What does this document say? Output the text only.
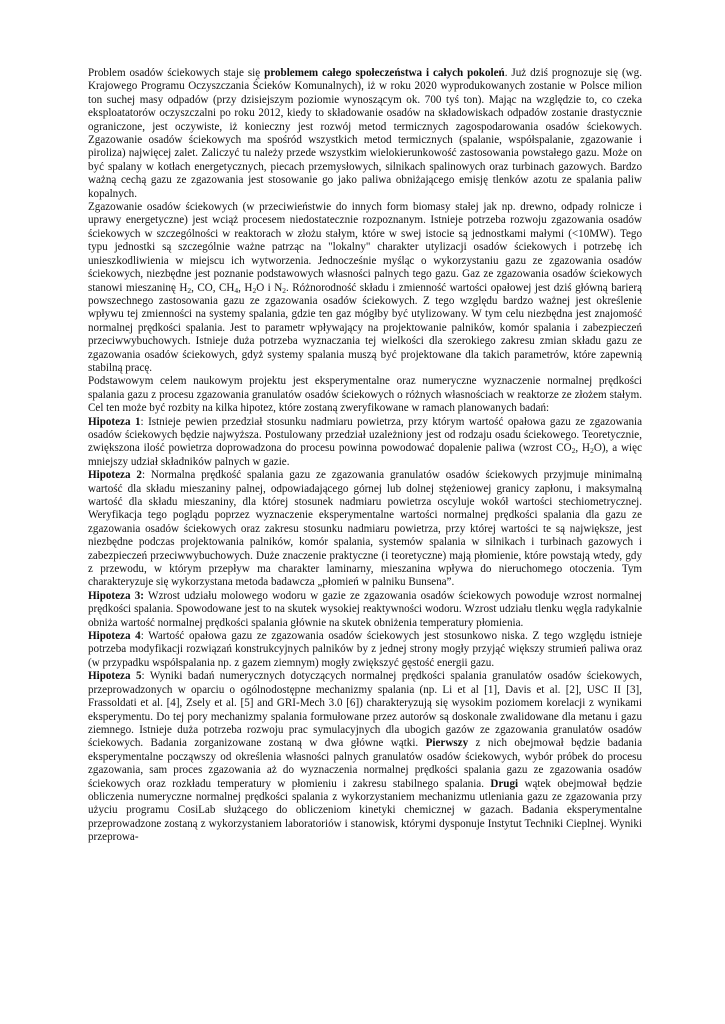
Problem osadów ściekowych staje się problemem całego społeczeństwa i całych pokoleń. Już dziś prognozuje się (wg. Krajowego Programu Oczyszczania Ścieków Komunalnych), iż w roku 2020 wyprodukowanych zostanie w Polsce milion ton suchej masy odpadów (przy dzisiejszym poziomie wynoszącym ok. 700 tyś ton). Mając na względzie to, co czeka eksploatatorów oczyszczalni po roku 2012, kiedy to składowanie osadów na składowiskach odpadów zostanie drastycznie ograniczone, jest oczywiste, iż konieczny jest rozwój metod termicznych zagospodarowania osadów ściekowych. Zgazowanie osadów ściekowych ma spośród wszystkich metod termicznych (spalanie, współspalanie, zgazowanie i piroliza) najwięcej zalet. Zaliczyć tu należy przede wszystkim wielokierunkowość zastosowania powstałego gazu. Może on być spalany w kotłach energetycznych, piecach przemysłowych, silnikach spalinowych oraz turbinach gazowych. Bardzo ważną cechą gazu ze zgazowania jest stosowanie go jako paliwa obniżającego emisję tlenków azotu ze spalania paliw kopalnych.

Zgazowanie osadów ściekowych (w przeciwieństwie do innych form biomasy stałej jak np. drewno, odpady rolnicze i uprawy energetyczne) jest wciąż procesem niedostatecznie rozpoznanym. Istnieje potrzeba rozwoju zgazowania osadów ściekowych w szczególności w reaktorach w złożu stałym, które w swej istocie są jednostkami małymi (<10MW). Tego typu jednostki są szczególnie ważne patrząc na "lokalny" charakter utylizacji osadów ściekowych i potrzebę ich unieszkodliwienia w miejscu ich wytworzenia. Jednocześnie myśląc o wykorzystaniu gazu ze zgazowania osadów ściekowych, niezbędne jest poznanie podstawowych własności palnych tego gazu. Gaz ze zgazowania osadów ściekowych stanowi mieszaninę $H_2$, CO, $CH_4$, $H_2O$ i $N_2$. Różnorodność składu i zmienność wartości opałowej jest dziś główną barierą powszechnego zastosowania gazu ze zgazowania osadów ściekowych. Z tego względu bardzo ważnej jest określenie wpływu tej zmienności na systemy spalania, gdzie ten gaz mógłby być utylizowany. W tym celu niezbędna jest znajomość normalnej prędkości spalania. Jest to parametr wpływający na projektowanie palników, komór spalania i zabezpieczeń przeciwwybuchowych. Istnieje duża potrzeba wyznaczania tej wielkości dla szerokiego zakresu zmian składu gazu ze zgazowania osadów ściekowych, gdyż systemy spalania muszą być projektowane dla takich parametrów, które zapewnią stabilną pracę.

Podstawowym celem naukowym projektu jest eksperymentalne oraz numeryczne wyznaczenie normalnej prędkości spalania gazu z procesu zgazowania granulatów osadów ściekowych o różnych własnościach w reaktorze ze złożem stałym. Cel ten może być rozbity na kilka hipotez, które zostaną zweryfikowane w ramach planowanych badań:

Hipoteza 1: Istnieje pewien przedział stosunku nadmiaru powietrza, przy którym wartość opałowa gazu ze zgazowania osadów ściekowych będzie najwyższa. Postulowany przedział uzależniony jest od rodzaju osadu ściekowego. Teoretycznie, zwiększona ilość powietrza doprowadzona do procesu powinna powodować dopalenie paliwa (wzrost $CO_2$, $H_2O$), a więc mniejszy udział składników palnych w gazie.

Hipoteza 2: Normalna prędkość spalania gazu ze zgazowania granulatów osadów ściekowych przyjmuje minimalną wartość dla składu mieszaniny palnej, odpowiadającego górnej lub dolnej stężeniowej granicy zapłonu, i maksymalną wartość dla składu mieszaniny, dla której stosunek nadmiaru powietrza oscyluje wokół wartości stechiometrycznej. Weryfikacja tego poglądu poprzez wyznaczenie eksperymentalne wartości normalnej prędkości spalania dla gazu ze zgazowania osadów ściekowych oraz zakresu stosunku nadmiaru powietrza, przy której wartości te są największe, jest niezbędne podczas projektowania palników, komór spalania, systemów spalania w silnikach i turbinach gazowych i zabezpieczeń przeciwwybuchowych. Duże znaczenie praktyczne (i teoretyczne) mają płomienie, które powstają wtedy, gdy z przewodu, w którym przepływ ma charakter laminarny, mieszanina wpływa do nieruchomego otoczenia. Tym charakteryzuje się wykorzystana metoda badawcza „płomień w palniku Bunsena”.

Hipoteza 3: Wzrost udziału molowego wodoru w gazie ze zgazowania osadów ściekowych powoduje wzrost normalnej prędkości spalania. Spowodowane jest to na skutek wysokiej reaktywności wodoru. Wzrost udziału tlenku węgla radykalnie obniża wartość normalnej prędkości spalania głównie na skutek obniżenia temperatury płomienia.

Hipoteza 4: Wartość opałowa gazu ze zgazowania osadów ściekowych jest stosunkowo niska. Z tego względu istnieje potrzeba modyfikacji rozwiązań konstrukcyjnych palników by z jednej strony mogły przyjąć większy strumień paliwa oraz (w przypadku współspalania np. z gazem ziemnym) mogły zwiększyć gęstość energii gazu.

Hipoteza 5: Wyniki badań numerycznych dotyczących normalnej prędkości spalania granulatów osadów ściekowych, przeprowadzonych w oparciu o ogólnodostępne mechanizmy spalania (np. Li et al [1], Davis et al. [2], USC II [3], Frassoldati et al. [4], Zsely et al. [5] and GRI-Mech 3.0 [6]) charakteryzują się wysokim poziomem korelacji z wynikami eksperymentu. Do tej pory mechanizmy spalania formułowane przez autorów są doskonale zwalidowane dla metanu i gazu ziemnego. Istnieje duża potrzeba rozwoju prac symulacyjnych dla ubogich gazów ze zgazowania granulatów osadów ściekowych. Badania zorganizowane zostaną w dwa główne wątki. Pierwszy z nich obejmował będzie badania eksperymentalne począwszy od określenia własności palnych granulatów osadów ściekowych, wybór próbek do procesu zgazowania, sam proces zgazowania aż do wyznaczenia normalnej prędkości spalania gazu ze zgazowania osadów ściekowych oraz rozkładu temperatury w płomieniu i zakresu stabilnego spalania. Drugi wątek obejmował będzie obliczenia numeryczne normalnej prędkości spalania z wykorzystaniem mechanizmu utleniania gazu ze zgazowania przy użyciu programu CosiLab służącego do obliczeniom kinetyki chemicznej w gazach. Badania eksperymentalne przeprowadzone zostaną z wykorzystaniem laboratoriów i stanowisk, którymi dysponuje Instytut Techniki Cieplnej. Wyniki przeprowa-
